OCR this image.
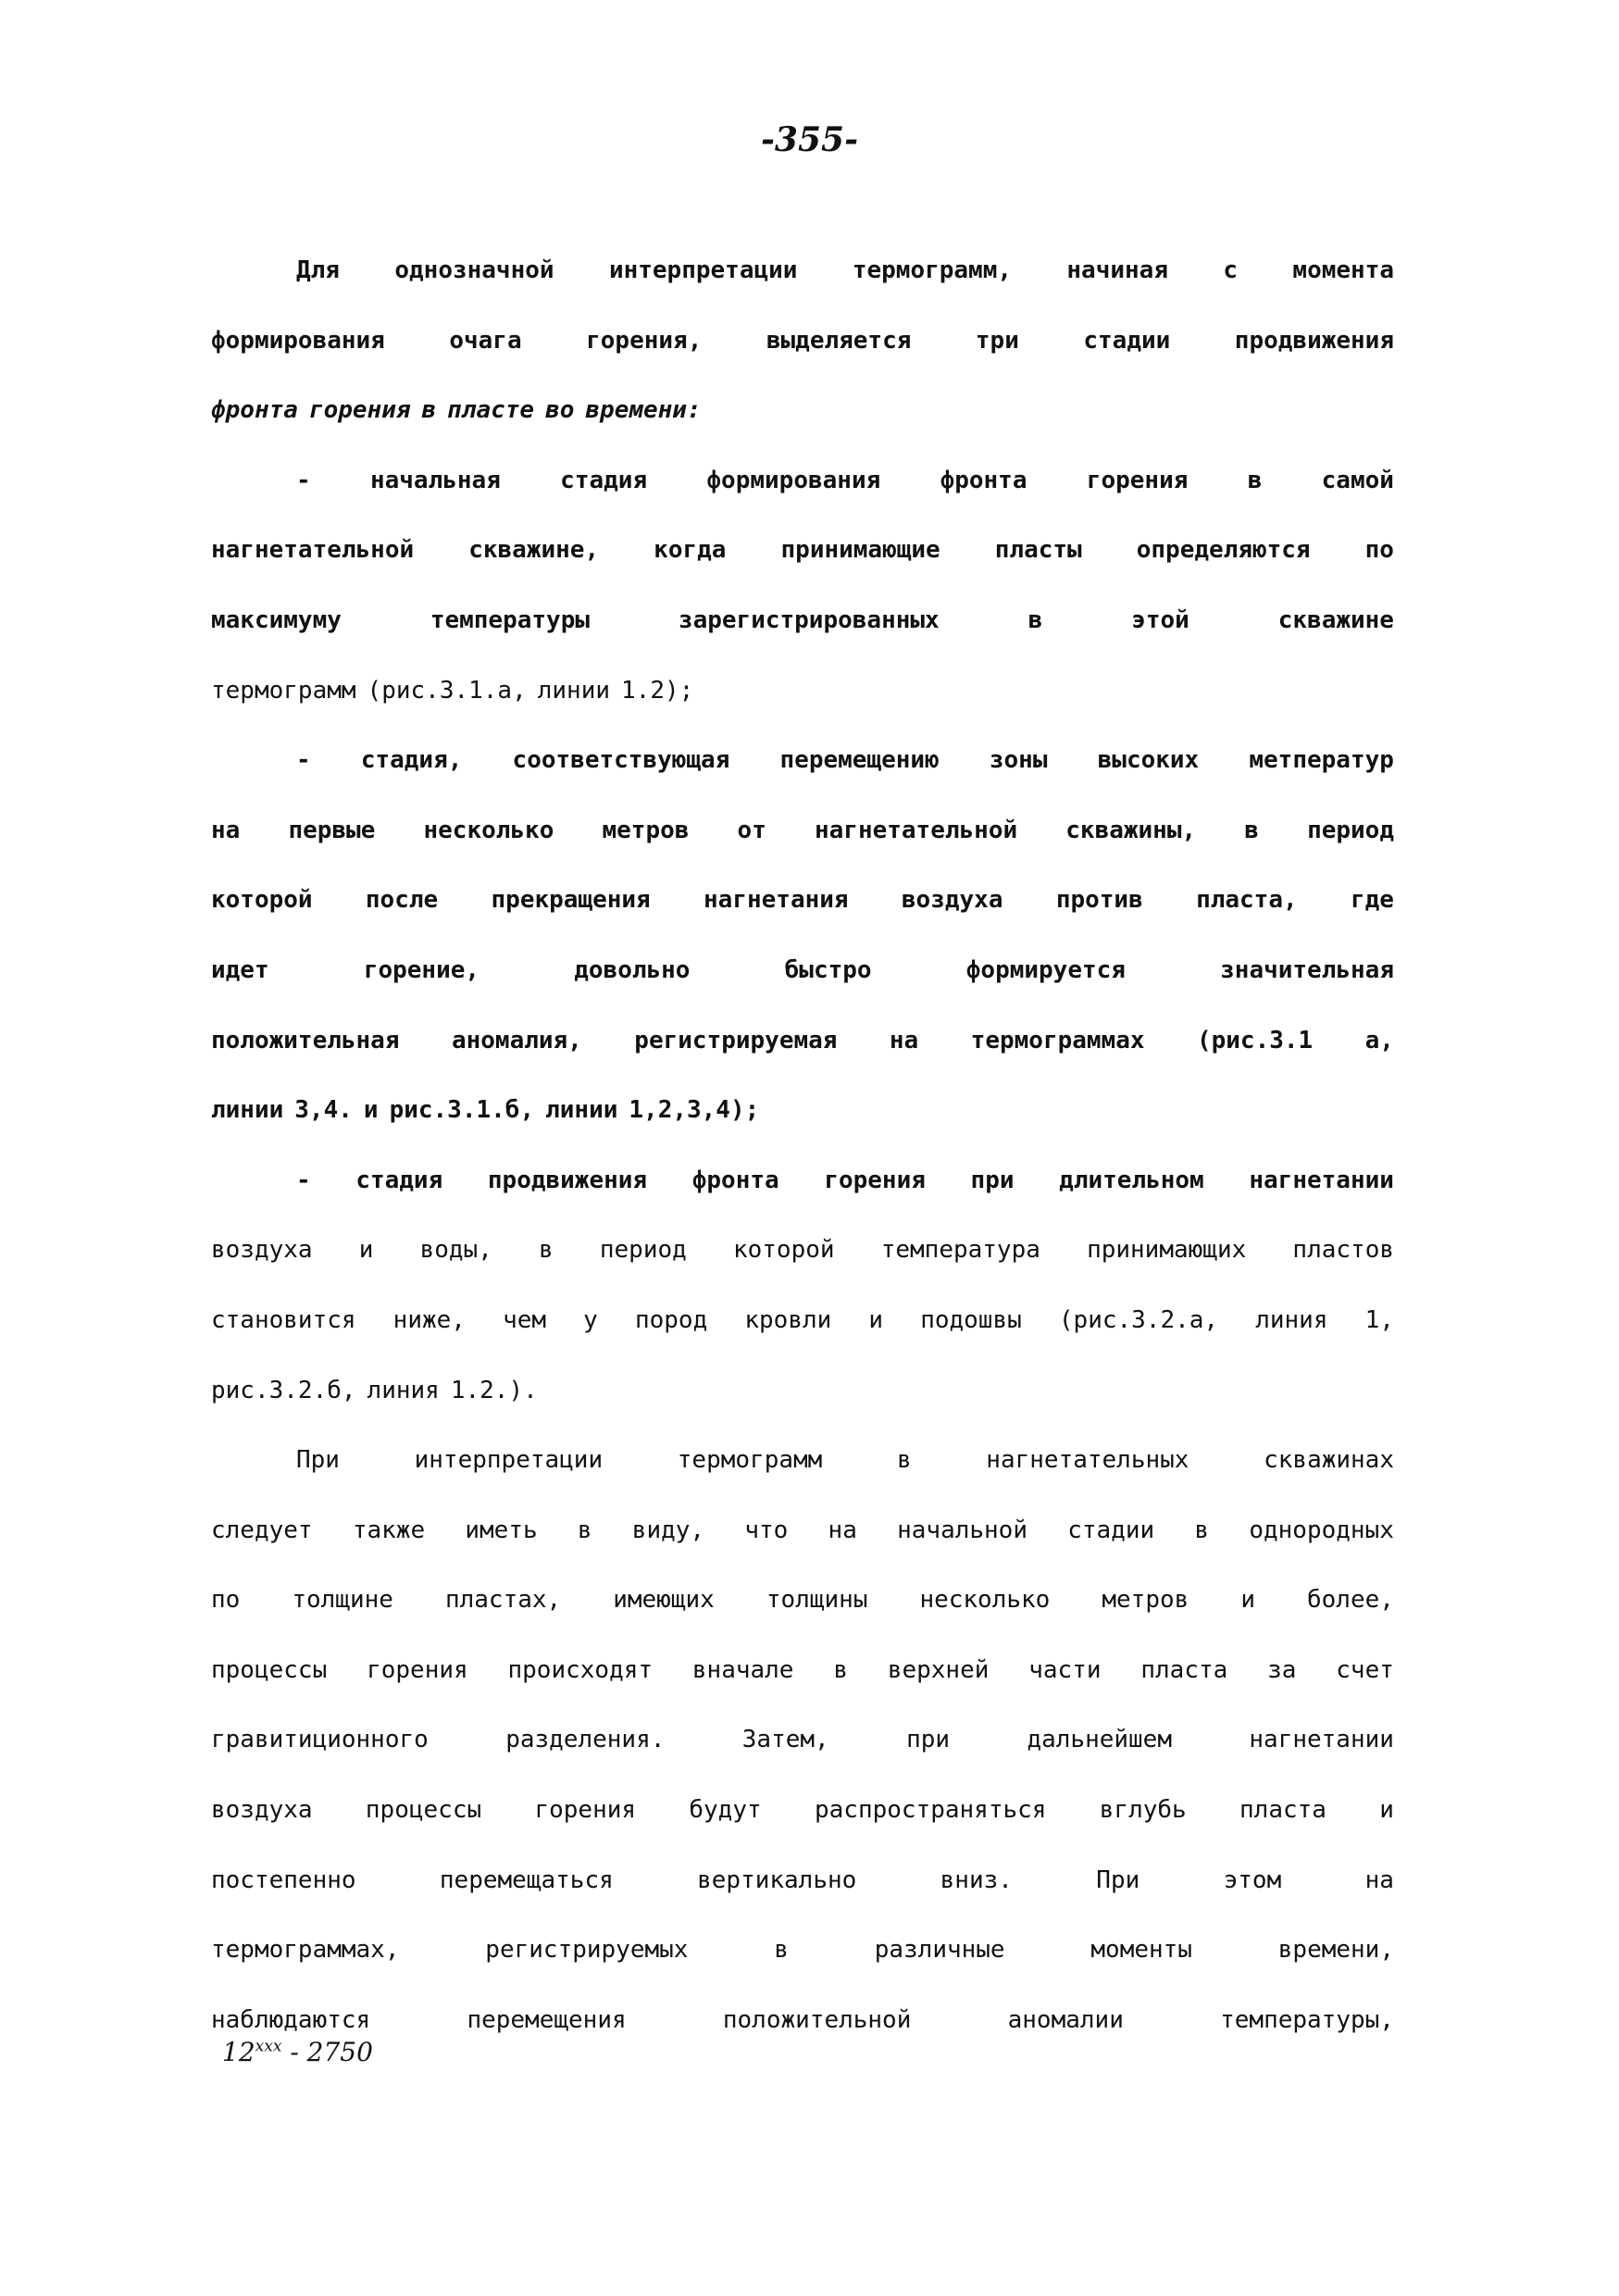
-355-
Для однозначной интерпретации термограмм, начиная с момента
формирования	очага	горения,	выделяется	три	стадии	продвижения
фронта горения в пласте во времени:
- начальная стадия формирования фронта горения в самой
нагнетательной скважине, когда принимающие пласты определяются по
максимуму	температуры	зарегистрированных	в	этой	скважине
термограмм (рис.3.1.а, линии 1.2);
- стадия, соответствующая перемещению зоны высоких метператур
на первые несколько метров от нагнетательной скважины, в период
которой после прекращения нагнетания воздуха против пласта, где
идет	горение,	довольно	быстро	формируется	значительная
положительная аномалия, регистрируемая на термограммах (рис.3.1 а,
линии 3,4. и рис.3.1.б, линии 1,2,3,4);
- стадия продвижения фронта горения при длительном нагнетании
воздуха и воды, в период которой температура принимающих пластов
становится ниже, чем у пород кровли и подошвы (рис.3.2.а, линия 1,
рис.3.2.б, линия 1.2.).
При	интерпретации	термограмм	в	нагнетательных	скважинах
следует также иметь в виду, что на начальной стадии в однородных
по толщине пластах, имеющих толщины несколько метров и более,
процессы горения происходят вначале в верхней части пласта за счет
гравитиционного	разделения.	Затем,	при	дальнейшем	нагнетании
воздуха процессы горения будут распространяться вглубь пласта и
постепенно	перемещаться	вертикально	вниз.	При	этом	на
термограммах,	регистрируемых	в	различные	моменты	времени,
наблюдаются	перемещения	положительной	аномалии	температуры,
$12^{ххх} - 2750$
